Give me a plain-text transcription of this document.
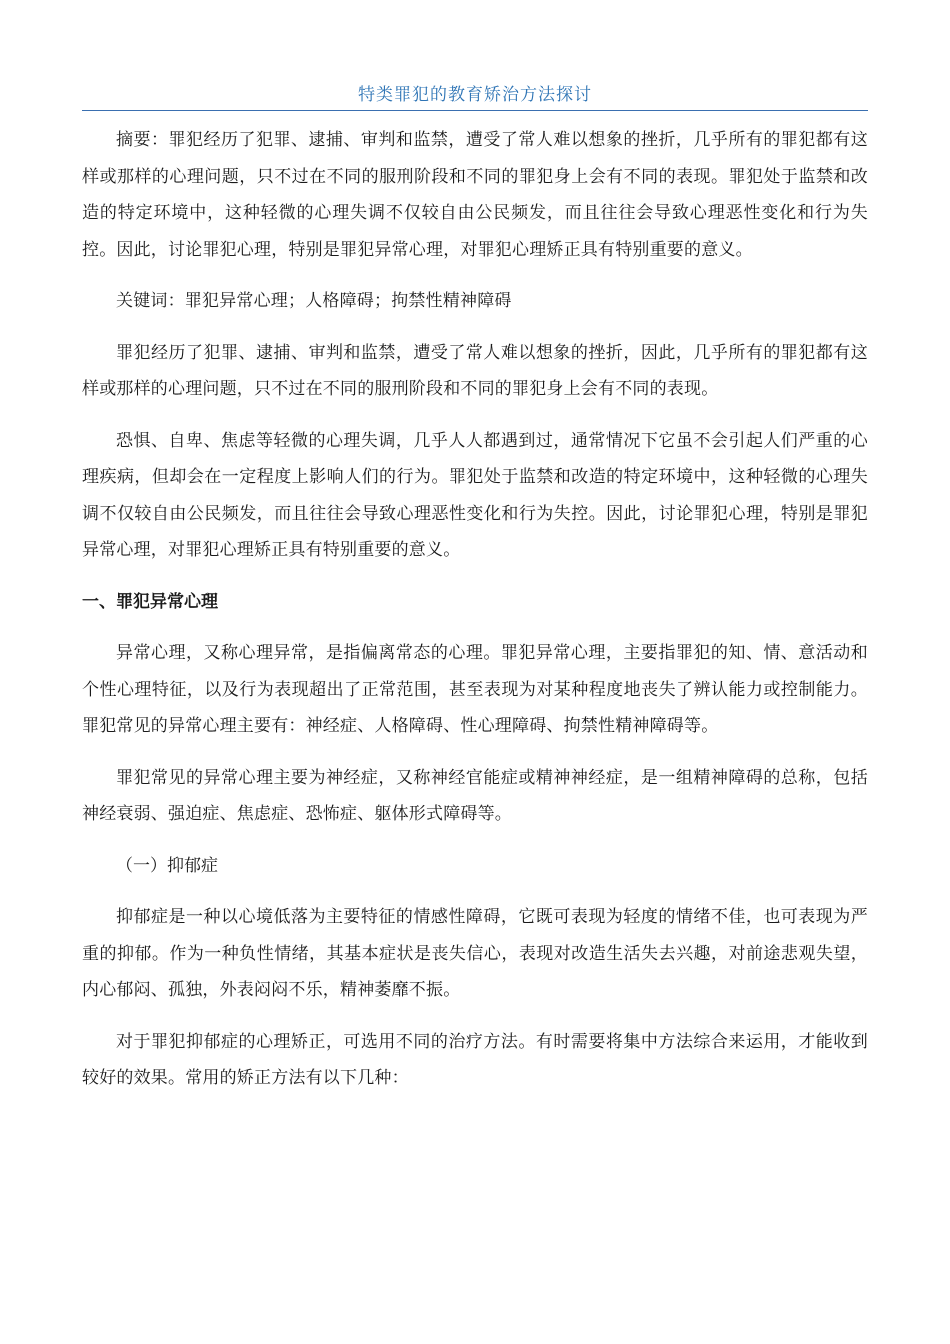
特类罪犯的教育矫治方法探讨

摘要：罪犯经历了犯罪、逮捕、审判和监禁，遭受了常人难以想象的挫折，几乎所有的罪犯都有这样或那样的心理问题，只不过在不同的服刑阶段和不同的罪犯身上会有不同的表现。罪犯处于监禁和改造的特定环境中，这种轻微的心理失调不仅较自由公民频发，而且往往会导致心理恶性变化和行为失控。因此，讨论罪犯心理，特别是罪犯异常心理，对罪犯心理矫正具有特别重要的意义。

关键词：罪犯异常心理；人格障碍；拘禁性精神障碍

罪犯经历了犯罪、逮捕、审判和监禁，遭受了常人难以想象的挫折，因此，几乎所有的罪犯都有这样或那样的心理问题，只不过在不同的服刑阶段和不同的罪犯身上会有不同的表现。

恐惧、自卑、焦虑等轻微的心理失调，几乎人人都遇到过，通常情况下它虽不会引起人们严重的心理疾病，但却会在一定程度上影响人们的行为。罪犯处于监禁和改造的特定环境中，这种轻微的心理失调不仅较自由公民频发，而且往往会导致心理恶性变化和行为失控。因此，讨论罪犯心理，特别是罪犯异常心理，对罪犯心理矫正具有特别重要的意义。

一、罪犯异常心理

异常心理，又称心理异常，是指偏离常态的心理。罪犯异常心理，主要指罪犯的知、情、意活动和个性心理特征，以及行为表现超出了正常范围，甚至表现为对某种程度地丧失了辨认能力或控制能力。罪犯常见的异常心理主要有：神经症、人格障碍、性心理障碍、拘禁性精神障碍等。

罪犯常见的异常心理主要为神经症，又称神经官能症或精神神经症，是一组精神障碍的总称，包括神经衰弱、强迫症、焦虑症、恐怖症、躯体形式障碍等。

（一）抑郁症

抑郁症是一种以心境低落为主要特征的情感性障碍，它既可表现为轻度的情绪不佳，也可表现为严重的抑郁。作为一种负性情绪，其基本症状是丧失信心，表现对改造生活失去兴趣，对前途悲观失望，内心郁闷、孤独，外表闷闷不乐，精神萎靡不振。

对于罪犯抑郁症的心理矫正，可选用不同的治疗方法。有时需要将集中方法综合来运用，才能收到较好的效果。常用的矫正方法有以下几种：
